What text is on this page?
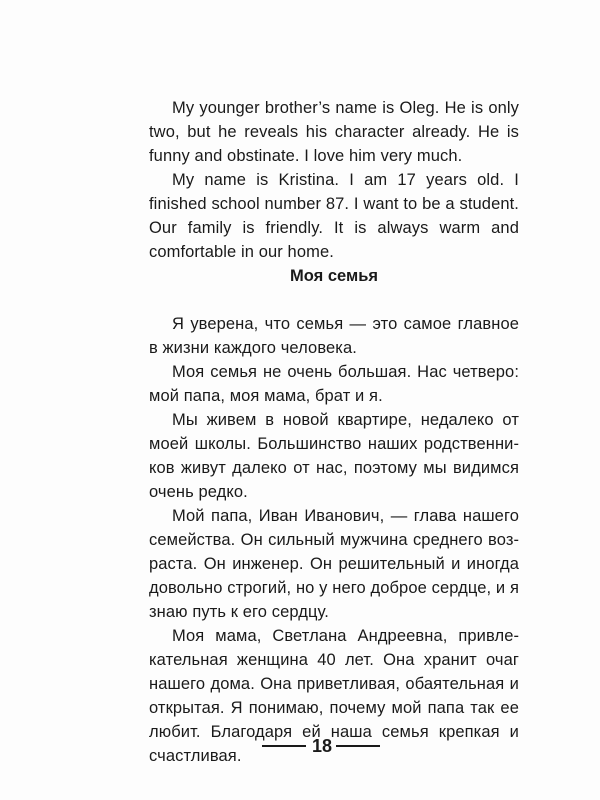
My younger brother’s name is Oleg. He is only two, but he reveals his character already. He is funny and obstinate. I love him very much.

My name is Kristina. I am 17 years old. I finished school number 87. I want to be a student. Our family is friendly. It is always warm and comfortable in our home.

Моя семья

Я уверена, что семья — это самое главное в жизни каждого человека.

Моя семья не очень большая. Нас четверо: мой папа, моя мама, брат и я.

Мы живем в новой квартире, недалеко от моей школы. Большинство наших родственников живут далеко от нас, поэтому мы видимся очень редко.

Мой папа, Иван Иванович, — глава нашего семейства. Он сильный мужчина среднего возраста. Он инженер. Он решительный и иногда довольно строгий, но у него доброе сердце, и я знаю путь к его сердцу.

Моя мама, Светлана Андреевна, привлекательная женщина 40 лет. Она хранит очаг нашего дома. Она приветливая, обаятельная и открытая. Я понимаю, почему мой папа так ее любит. Благодаря ей наша семья крепкая и счастливая.	18
